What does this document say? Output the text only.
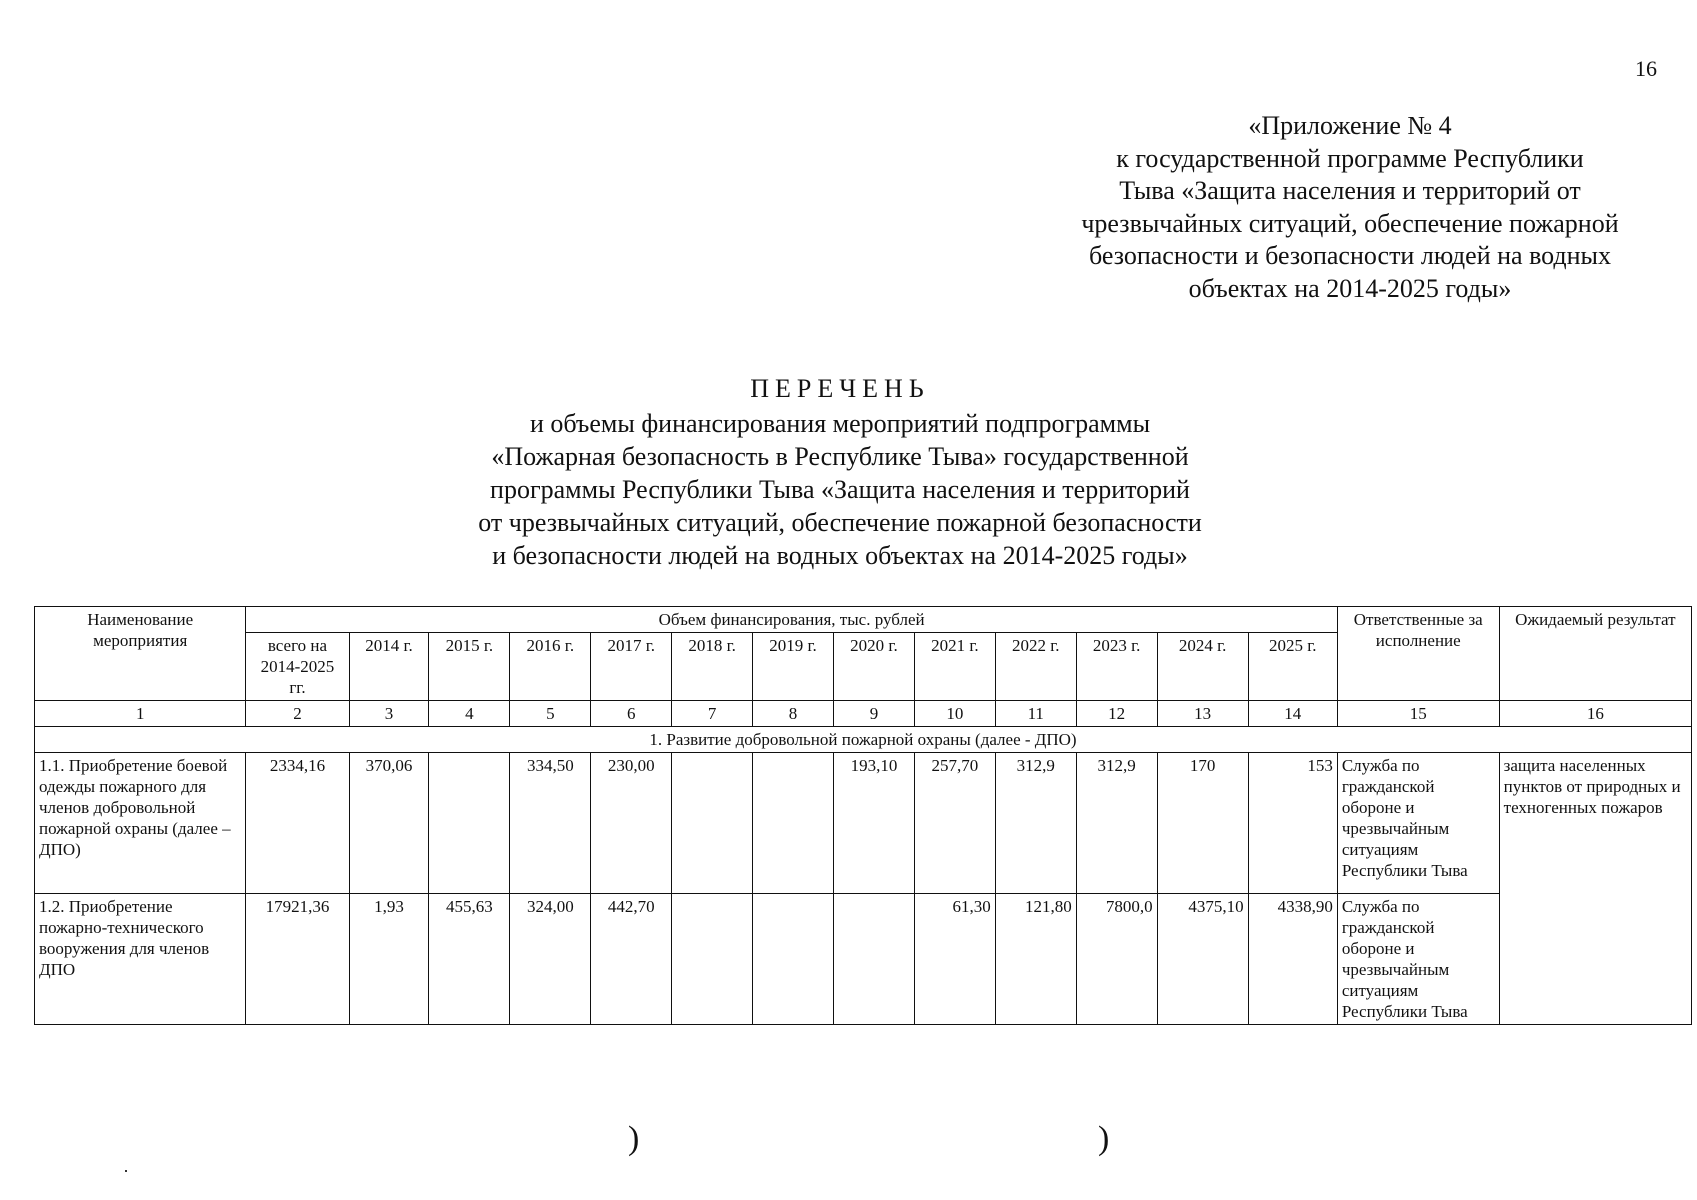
16
«Приложение № 4
к государственной программе Республики
Тыва «Защита населения и территорий от
чрезвычайных ситуаций, обеспечение пожарной
безопасности и безопасности людей на водных
объектах на 2014-2025 годы»
ПЕРЕЧЕНЬ
и объемы финансирования мероприятий подпрограммы
«Пожарная безопасность в Республике Тыва» государственной
программы Республики Тыва «Защита населения и территорий
от чрезвычайных ситуаций, обеспечение пожарной безопасности
и безопасности людей на водных объектах на 2014-2025 годы»
Наименование мероприятия	Объем финансирования, тыс. рублей													Ответственные за исполнение	Ожидаемый результат
	всего на 2014-2025 гг.	2014 г.	2015 г.	2016 г.	2017 г.	2018 г.	2019 г.	2020 г.	2021 г.	2022 г.	2023 г.	2024 г.	2025 г.		
1	2	3	4	5	6	7	8	9	10	11	12	13	14	15	16
1. Развитие добровольной пожарной охраны (далее - ДПО)															
1.1. Приобретение боевой одежды пожарного для членов добровольной пожарной охраны (далее – ДПО)	2334,16	370,06		334,50	230,00			193,10	257,70	312,9	312,9	170	153	Служба по гражданской обороне и чрезвычайным ситуациям Республики Тыва	защита населенных пунктов от природных и техногенных пожаров
1.2. Приобретение пожарно-технического вооружения для членов ДПО	17921,36	1,93	455,63	324,00	442,70				61,30	121,80	7800,0	4375,10	4338,90	Служба по гражданской обороне и чрезвычайным ситуациям Республики Тыва	
)	)
